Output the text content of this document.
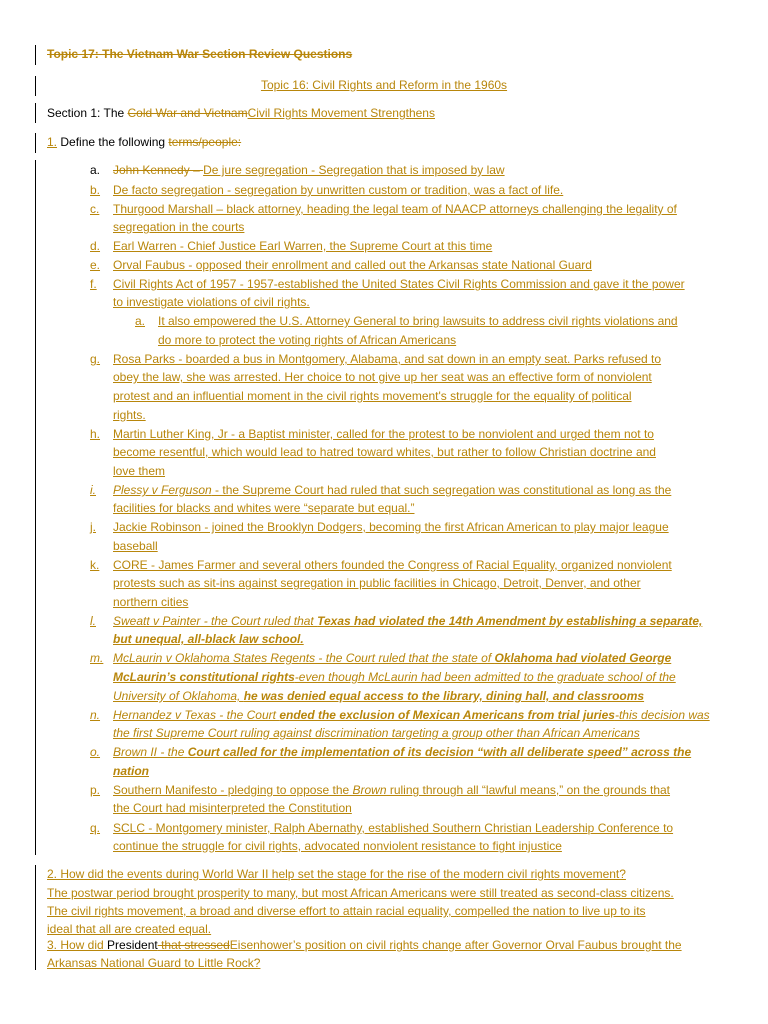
Topic 17: The Vietnam War Section Review Questions
Topic 16: Civil Rights and Reform in the 1960s
Section 1: The Cold War and VietnamCivil Rights Movement Strengthens
1. Define the following terms/people:
a. John Kennedy – De jure segregation - Segregation that is imposed by law
b. De facto segregation - segregation by unwritten custom or tradition, was a fact of life.
c. Thurgood Marshall – black attorney, heading the legal team of NAACP attorneys challenging the legality of
segregation in the courts
d. Earl Warren - Chief Justice Earl Warren, the Supreme Court at this time
e. Orval Faubus - opposed their enrollment and called out the Arkansas state National Guard
f. Civil Rights Act of 1957 - 1957-established the United States Civil Rights Commission and gave it the power
to investigate violations of civil rights.
a. It also empowered the U.S. Attorney General to bring lawsuits to address civil rights violations and
do more to protect the voting rights of African Americans
g. Rosa Parks - boarded a bus in Montgomery, Alabama, and sat down in an empty seat. Parks refused to
obey the law, she was arrested. Her choice to not give up her seat was an effective form of nonviolent
protest and an influential moment in the civil rights movement's struggle for the equality of political
rights.
h. Martin Luther King, Jr - a Baptist minister, called for the protest to be nonviolent and urged them not to
become resentful, which would lead to hatred toward whites, but rather to follow Christian doctrine and
love them
i. Plessy v Ferguson - the Supreme Court had ruled that such segregation was constitutional as long as the
facilities for blacks and whites were “separate but equal.”
j. Jackie Robinson - joined the Brooklyn Dodgers, becoming the first African American to play major league
baseball
k. CORE - James Farmer and several others founded the Congress of Racial Equality, organized nonviolent
protests such as sit-ins against segregation in public facilities in Chicago, Detroit, Denver, and other
northern cities
l. Sweatt v Painter - the Court ruled that Texas had violated the 14th Amendment by establishing a separate,
but unequal, all-black law school.
m. McLaurin v Oklahoma States Regents - the Court ruled that the state of Oklahoma had violated George
McLaurin’s constitutional rights-even though McLaurin had been admitted to the graduate school of the
University of Oklahoma, he was denied equal access to the library, dining hall, and classrooms
n. Hernandez v Texas - the Court ended the exclusion of Mexican Americans from trial juries-this decision was
the first Supreme Court ruling against discrimination targeting a group other than African Americans
o. Brown II - the Court called for the implementation of its decision “with all deliberate speed” across the
nation
p. Southern Manifesto - pledging to oppose the Brown ruling through all “lawful means,” on the grounds that
the Court had misinterpreted the Constitution
q. SCLC - Montgomery minister, Ralph Abernathy, established Southern Christian Leadership Conference to
continue the struggle for civil rights, advocated nonviolent resistance to fight injustice
2. How did the events during World War II help set the stage for the rise of the modern civil rights movement?
The postwar period brought prosperity to many, but most African Americans were still treated as second-class citizens.
The civil rights movement, a broad and diverse effort to attain racial equality, compelled the nation to live up to its
ideal that all are created equal.
3. How did President that stressedEisenhower’s position on civil rights change after Governor Orval Faubus brought the
Arkansas National Guard to Little Rock?
